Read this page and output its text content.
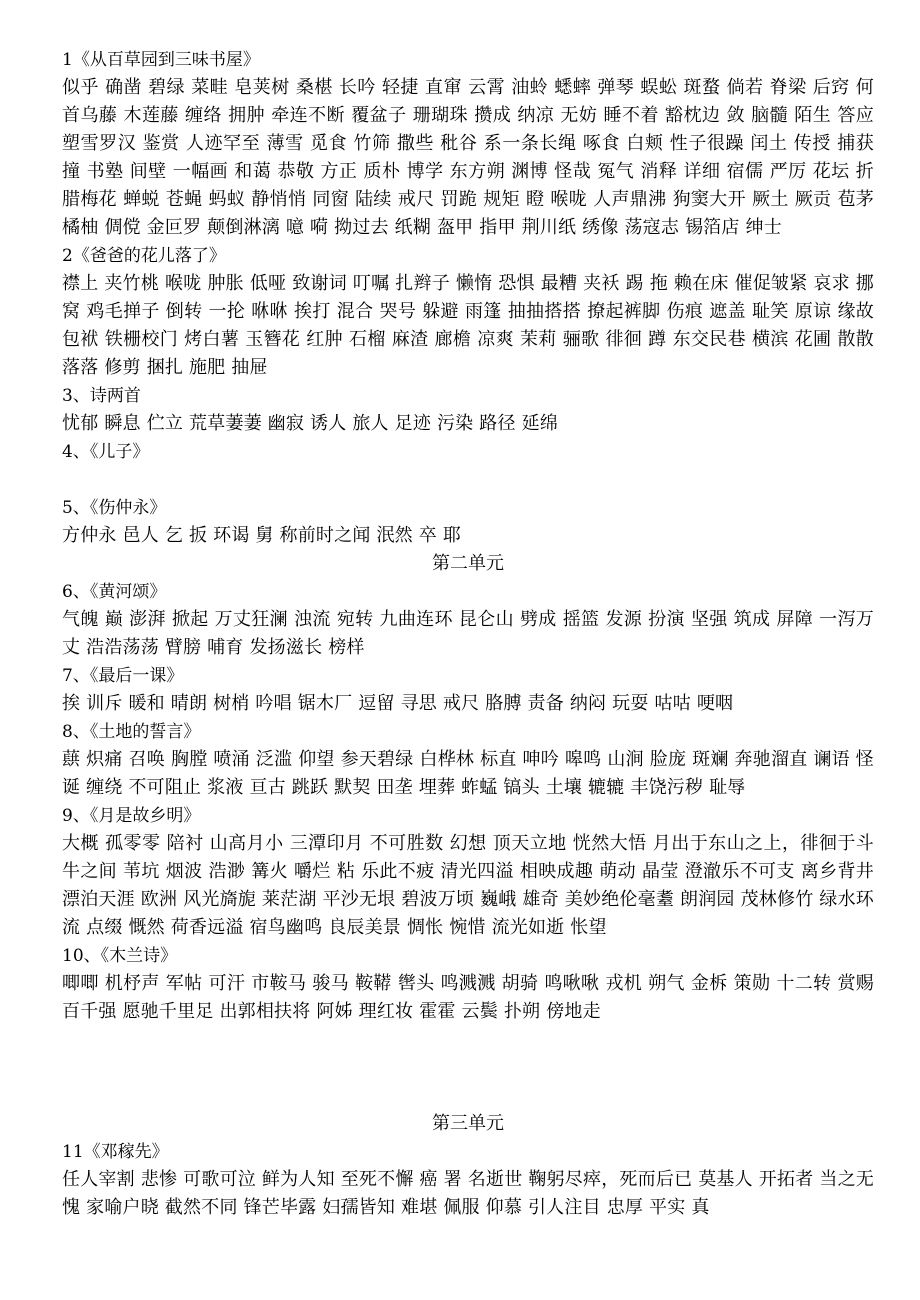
1《从百草园到三味书屋》

似乎 确凿 碧绿 菜畦 皂荚树 桑椹 长吟 轻捷 直窜 云霄 油蛉 蟋蟀 弹琴 蜈蚣 斑蝥 倘若 脊梁 后窍 何首乌藤 木莲藤 缠络 拥肿 牵连不断 覆盆子 珊瑚珠 攒成 纳凉 无妨 睡不着 豁枕边 敛 脑髓 陌生 答应 塑雪罗汉 鉴赏 人迹罕至 薄雪 觅食 竹筛 撒些 秕谷 系一条长绳 啄食 白颊 性子很躁 闰土 传授 捕获 撞 书塾 间壁 一幅画 和蔼 恭敬 方正 质朴 博学 东方朔 渊博 怪哉 冤气 消释 详细 宿儒 严厉 花坛 折腊梅花 蝉蜕 苍蝇 蚂蚁 静悄悄 同窗 陆续 戒尺 罚跪 规矩 瞪 喉咙 人声鼎沸 狗窦大开 厥土 厥贡 苞茅 橘柚 倜傥 金叵罗 颠倒淋漓 噫 嗬 拗过去 纸糊 盔甲 指甲 荆川纸 绣像 荡寇志 锡箔店 绅士

2《爸爸的花儿落了》

襟上 夹竹桃 喉咙 肿胀 低哑 致谢词 叮嘱 扎辫子 懒惰 恐惧 最糟 夹袄 踢 拖 赖在床 催促皱紧 哀求 挪窝 鸡毛掸子 倒转 一抡 咻咻 挨打 混合 哭号 躲避 雨篷 抽抽搭搭 撩起裤脚 伤痕 遮盖 耻笑 原谅 缘故 包袱 铁栅校门 烤白薯 玉簪花 红肿 石榴 麻渣 廊檐 凉爽 茉莉 骊歌 徘徊 蹲 东交民巷 横滨 花圃 散散落落 修剪 捆扎 施肥 抽屉

3、诗两首

忧郁 瞬息 伫立 荒草萋萋 幽寂 诱人 旅人 足迹 污染 路径 延绵

4、《儿子》

5、《伤仲永》

方仲永 邑人 乞 扳 环谒 舅 称前时之闻 泯然 卒 耶

第二单元

6、《黄河颂》

气魄 巅 澎湃 掀起 万丈狂澜 浊流 宛转 九曲连环 昆仑山 劈成 摇篮 发源 扮演 坚强 筑成 屏障 一泻万丈 浩浩荡荡 臂膀 哺育 发扬滋长 榜样

7、《最后一课》

挨 训斥 暖和 晴朗 树梢 吟唱 锯木厂 逗留 寻思 戒尺 胳膊 责备 纳闷 玩耍 咕咕 哽咽

8、《土地的誓言》

蕻 炽痛 召唤 胸膛 喷涌 泛滥 仰望 参天碧绿 白桦林 标直 呻吟 嗥鸣 山涧 脸庞 斑斓 奔驰溜直 谰语 怪诞 缠绕 不可阻止 浆液 亘古 跳跃 默契 田垄 埋葬 蚱蜢 镐头 土壤 辘辘 丰饶污秽 耻辱

9、《月是故乡明》

大概 孤零零 陪衬 山高月小 三潭印月 不可胜数 幻想 顶天立地 恍然大悟 月出于东山之上，徘徊于斗牛之间 苇坑 烟波 浩渺 篝火 嚼烂 粘 乐此不疲 清光四溢 相映成趣 萌动 晶莹 澄澈乐不可支 离乡背井 漂泊天涯 欧洲 风光旖旎 莱茫湖 平沙无垠 碧波万顷 巍峨 雄奇 美妙绝伦毫耋 朗润园 茂林修竹 绿水环流 点缀 慨然 荷香远溢 宿鸟幽鸣 良辰美景 惆怅 惋惜 流光如逝 怅望

10、《木兰诗》

唧唧 机杼声 军帖 可汗 市鞍马 骏马 鞍鞯 辔头 鸣溅溅 胡骑 鸣啾啾 戎机 朔气 金柝 策勋 十二转 赏赐百千强 愿驰千里足 出郭相扶将 阿姊 理红妆 霍霍 云鬓 扑朔 傍地走

第三单元

11《邓稼先》

任人宰割 悲惨 可歌可泣 鲜为人知 至死不懈 癌 署 名逝世 鞠躬尽瘁，死而后已 莫基人 开拓者 当之无愧 家喻户晓 截然不同 锋芒毕露 妇孺皆知 难堪 佩服 仰慕 引人注目 忠厚 平实 真
